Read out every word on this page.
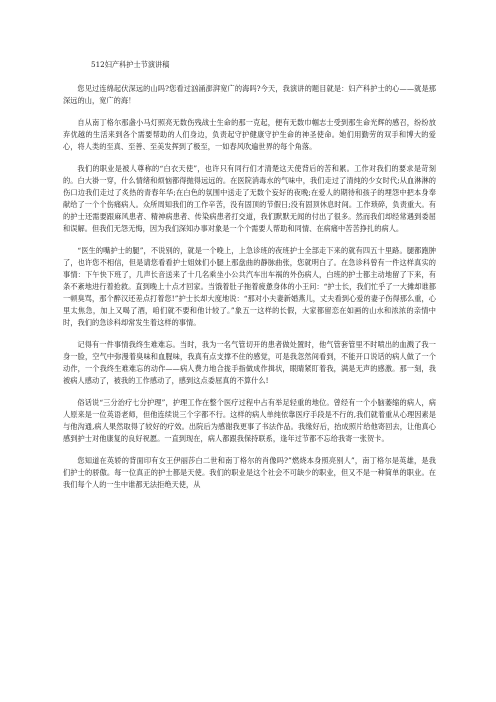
512妇产科护士节演讲稿

您见过连绵起伏深远的山吗?您看过汹涌澎湃宽广的海吗?今天，我演讲的题目就是：妇产科护士的心——就是那深远的山，宽广的海！

自从南丁格尔那盏小马灯照亮无数伤残战士生命的那一克起，便有无数巾帼志士受到那生命光辉的感召，纷纷放弃优越的生活来到各个需要帮助的人们身边，负责起守护健康守护生命的神圣使命。她们用勤劳的双手和博大的爱心，将人类的至真、至善、至美发挥到了极至，一如春风吹遍世界的每个角落。

我们的职业是被人尊称的“白衣天使”，也许只有同行们才清楚这天使背后的苦和累。工作对我们的要求是苛刻的。白大褂一穿，什么情绪和烦恼都得抛得远远的。在医院消毒水的气味中，我们走过了清纯的少女时代;从血淋淋的伤口边我们走过了炙热的青春年华;在白色的氛围中送走了无数个妄好的夜晚;在爱人的期待和孩子的埋怨中把本身奉献给了一个个伤痛病人。众所周知我们的工作辛苦，没有固顶的节假日;没有固顶休息时间。工作琐碎，负责重大。有的护士还需要跟麻风患者、精神病患者、传染病患者打交道，我们默默无闻的付出了很多。然而我们却经常遇到委屈和误解。但我们无怨无悔，因为我们深知办事对象是一个个需要人帮助和同情、在病痛中苦苦挣扎的病人。

“医生的嘴护士的腿”，不说别的，就是一个晚上，上急诊班的夜班护士全部走下来的就有四五十里路。腿都跑肿了，也许您不相信，但是请您看看护士姐妹们小腿上那盘曲的静脉曲张，您就明白了。在急诊科曾有一件这样真实的事情：下午快下班了，几声长音送来了十几名乘坐小公共汽车出车祸的外伤病人，白班的护士都主动地留了下来，有条不紊地进行着抢救。直到晚上十点才回家。当饿着肚子拖着疲惫身体的小王问：“护士长，我们忙乎了一大摊却谁都一顿臭骂，那个醉汉还差点打着您!”护士长却大度地说：“那对小夫妻新婚燕儿，丈夫看到心爱的妻子伤得那么重，心里太焦急，加上又喝了酒，咱们就不要和他计较了。”象五一这样的长假，大家都留恋在如画的山水和浓浓的亲情中时，我们的急诊科却常发生着这样的事情。

记得有一件事情我终生难难忘。当时，我为一名气管切开的患者做处置时，他气管套管里不时喷出的血溅了我一身一脸，空气中弥漫着臭味和血腥味，我真有点支撑不住的感觉，可是我忽然间看到，不能开口说话的病人做了一个动作，一个我终生难难忘的动作——病人费力地合拢手指做成作揖状，眼睛紧盯着我，满是无声的感激。那一刻，我被病人感动了，被我的工作感动了，感到这点委屈真的不算什么!

俗话说“三分治疗七分护理”，护理工作在整个医疗过程中占有举足轻重的地位。曾经有一个小脑萎缩的病人，病人原来是一位英语老师，但他连续说三个字都不行。这样的病人单纯依靠医疗手段是不行的,我们就着重从心理因素是与他沟通,病人果然取得了较好的疗效。出院后为感谢我更事了书法作品。我缘好后，抬成照片给他寄回去，让他真心感到护士对他康复的良好祝愿。一直到现在，病人都跟我保持联系，逢年过节都不忘给我寄一张贺卡。

您知道在英轿的背面印有女王伊丽莎白二世和南丁格尔的肖像吗?”燃烧本身照亮别人”，南丁格尔是英雄，是我们护士的骄傲。每一位真正的护士都是天使。我们的职业是这个社会不可缺少的职业，但又不是一种简单的职业。在我们每个人的一生中谁都无法拒绝天使，从
